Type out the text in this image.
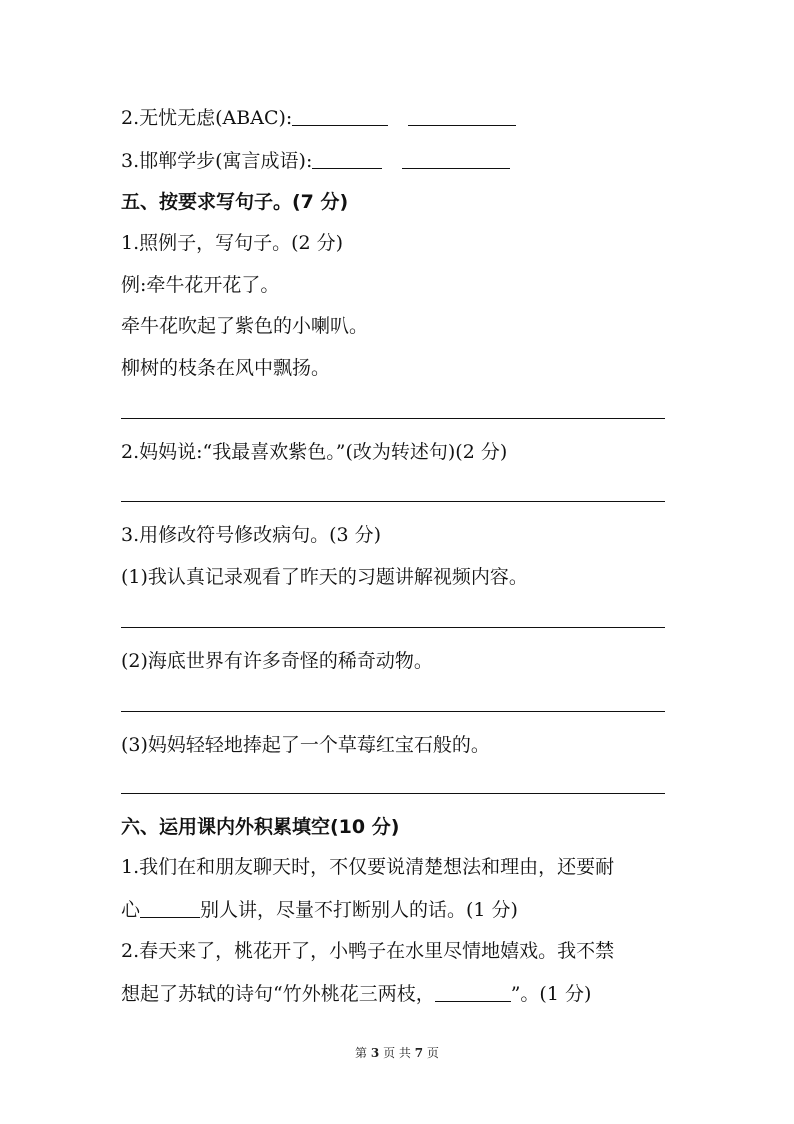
2.无忧无虑(ABAC):
3.邯郸学步(寓言成语):
五、按要求写句子。(7 分)
1.照例子，写句子。(2 分)
例:牵牛花开花了。
牵牛花吹起了紫色的小喇叭。
柳树的枝条在风中飘扬。
2.妈妈说:“我最喜欢紫色。”(改为转述句)(2 分)
3.用修改符号修改病句。(3 分)
(1)我认真记录观看了昨天的习题讲解视频内容。
(2)海底世界有许多奇怪的稀奇动物。
(3)妈妈轻轻地捧起了一个草莓红宝石般的。
六、运用课内外积累填空(10 分)
1.我们在和朋友聊天时，不仅要说清楚想法和理由，还要耐
心	别人讲，尽量不打断别人的话。(1 分)
2.春天来了，桃花开了，小鸭子在水里尽情地嬉戏。我不禁
想起了苏轼的诗句“竹外桃花三两枝，	”。(1 分)
第 3 页 共 7 页
